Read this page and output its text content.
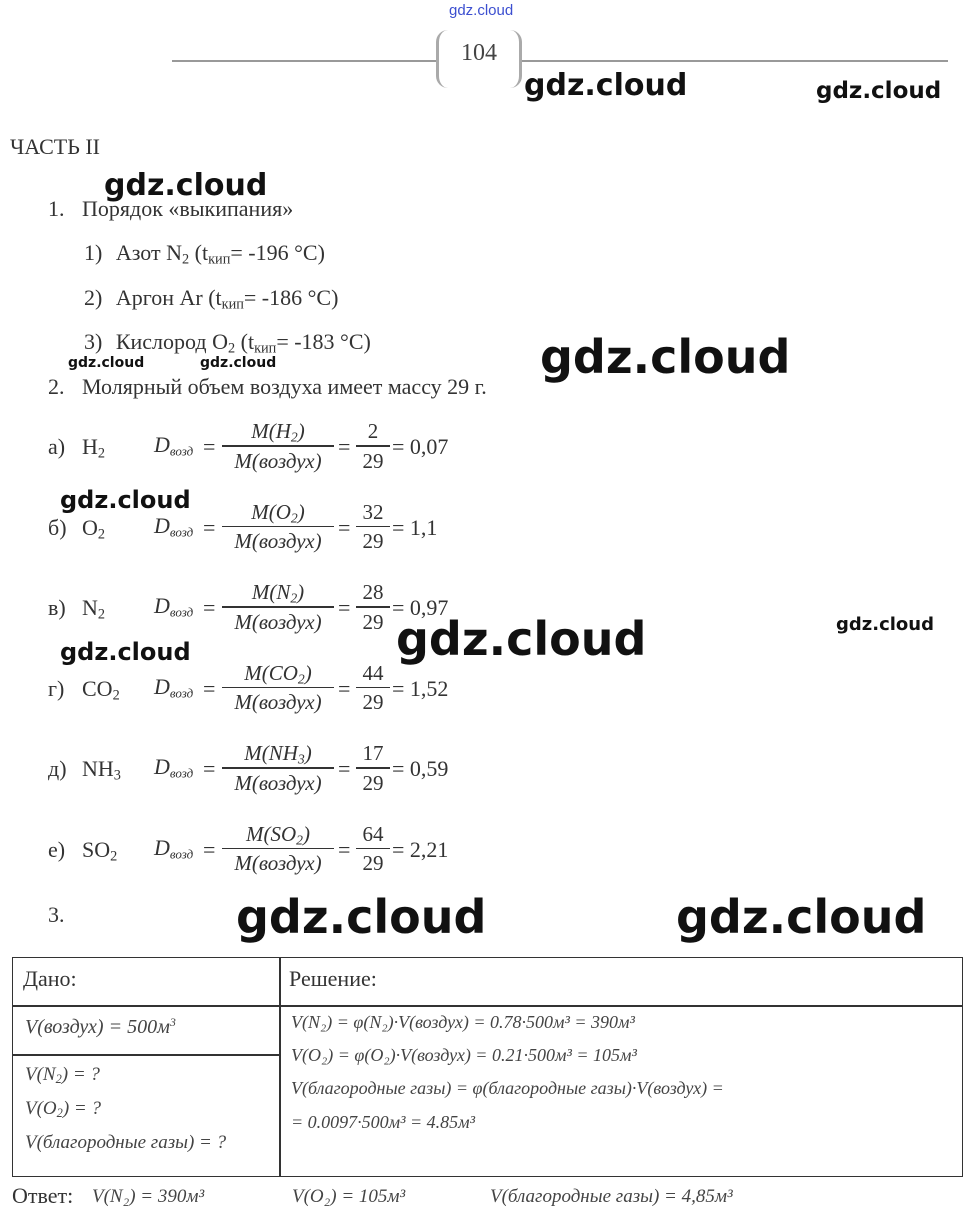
gdz.cloud
gdz.cloud	gdz.cloud
gdz.cloud
gdz.cloud
gdz.cloud	gdz.cloud
gdz.cloud
gdz.cloud	gdz.cloud
gdz.cloud
gdz.cloud	gdz.cloud
104
ЧАСТЬ II
1. Порядок «выкипания»
1) Азот $N_2$ ($t_{кип}= -196$ °C)
2) Аргон Ar ($t_{кип}= -186$ °C)
3) Кислород $O_2$ ($t_{кип}= -183$ °C)
2. Молярный объем воздуха имеет массу 29 г.
а) $H_2$ $D_{возд}$ =
$M(H_2)$
M(воздух)
=
2
29
= 0,07
б) $O_2$ $D_{возд}$ =
$M(O_2)$
M(воздух)
=
32
29
= 1,1
в) $N_2$ $D_{возд}$ =
$M(N_2)$
M(воздух)
=
28
29
= 0,97
г) $CO_2$ $D_{возд}$ =
$M(CO_2)$
M(воздух)
=
44
29
= 1,52
д) $NH_3$ $D_{возд}$ =
$M(NH_3)$
M(воздух)
=
17
29
= 0,59
е) $SO_2$ $D_{возд}$ =
$M(SO_2)$
M(воздух)
=
64
29
= 2,21
3.
Дано:	Решение:
V(воздух) = $500м^3$
$V(N_2)$ = ?
$V(O_2)$ = ?
V(благородные газы) = ?
V(N₂) = φ(N₂)·V(воздух) = 0.78·500м³ = 390м³
V(O₂) = φ(O₂)·V(воздух) = 0.21·500м³ = 105м³
V(благородные газы) = φ(благородные газы)·V(воздух) =
= 0.0097·500м³ = 4.85м³
Ответ: V(N₂) = 390м³	V(O₂) = 105м³	V(благородные газы) = 4,85м³
